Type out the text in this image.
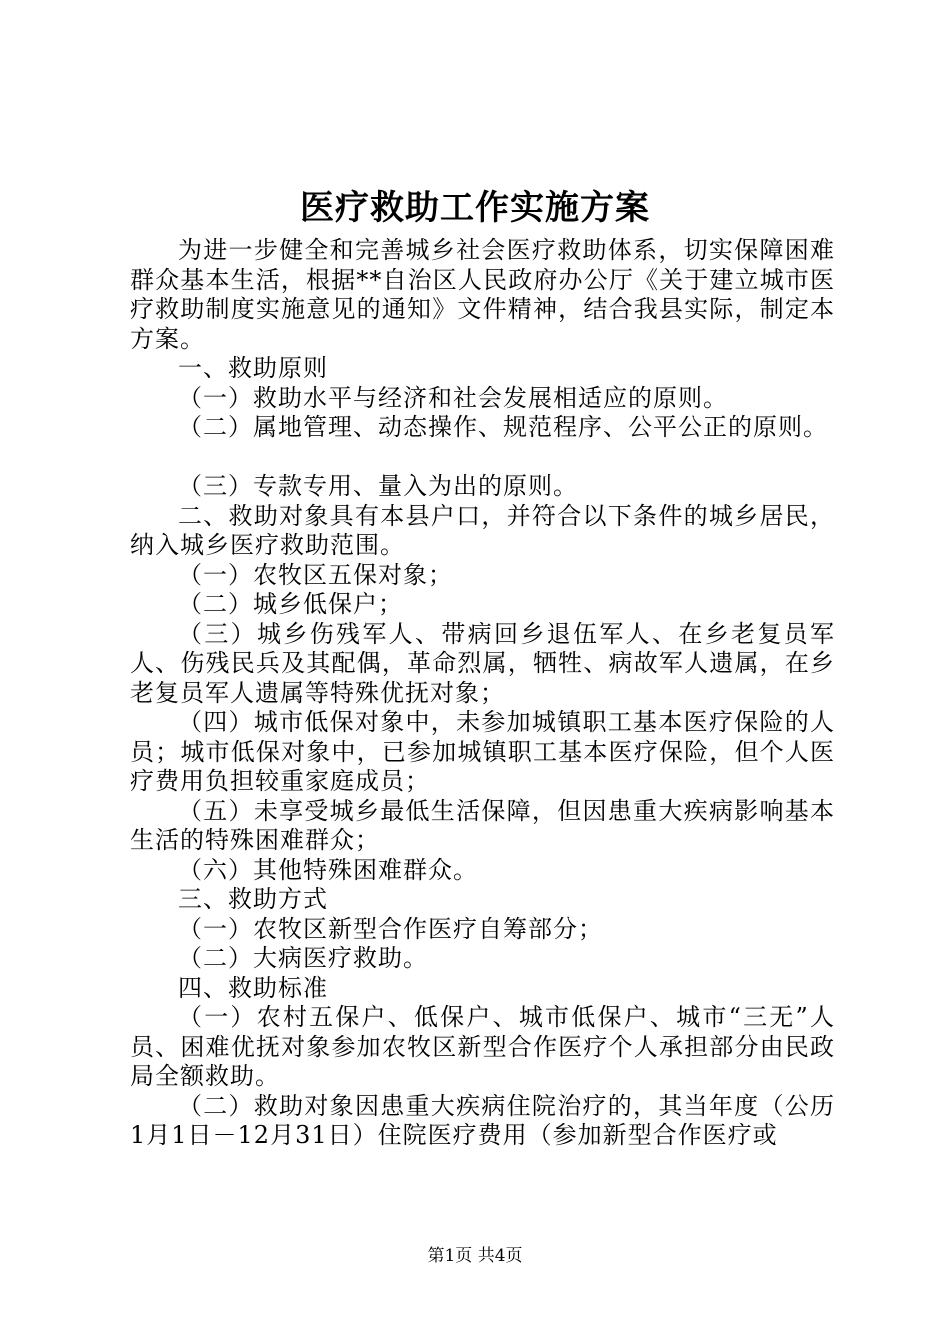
医疗救助工作实施方案

为进一步健全和完善城乡社会医疗救助体系，切实保障困难群众基本生活，根据**自治区人民政府办公厅《关于建立城市医疗救助制度实施意见的通知》文件精神，结合我县实际，制定本方案。

一、救助原则

（一）救助水平与经济和社会发展相适应的原则。

（二）属地管理、动态操作、规范程序、公平公正的原则。

（三）专款专用、量入为出的原则。

二、救助对象具有本县户口，并符合以下条件的城乡居民，纳入城乡医疗救助范围。

（一）农牧区五保对象；

（二）城乡低保户；

（三）城乡伤残军人、带病回乡退伍军人、在乡老复员军人、伤残民兵及其配偶，革命烈属，牺牲、病故军人遗属，在乡老复员军人遗属等特殊优抚对象；

（四）城市低保对象中，未参加城镇职工基本医疗保险的人员；城市低保对象中，已参加城镇职工基本医疗保险，但个人医疗费用负担较重家庭成员；

（五）未享受城乡最低生活保障，但因患重大疾病影响基本生活的特殊困难群众；

（六）其他特殊困难群众。

三、救助方式

（一）农牧区新型合作医疗自筹部分；

（二）大病医疗救助。

四、救助标准

（一）农村五保户、低保户、城市低保户、城市“三无”人员、困难优抚对象参加农牧区新型合作医疗个人承担部分由民政局全额救助。

（二）救助对象因患重大疾病住院治疗的，其当年度（公历1月1日－12月31日）住院医疗费用（参加新型合作医疗或

第1页 共4页
